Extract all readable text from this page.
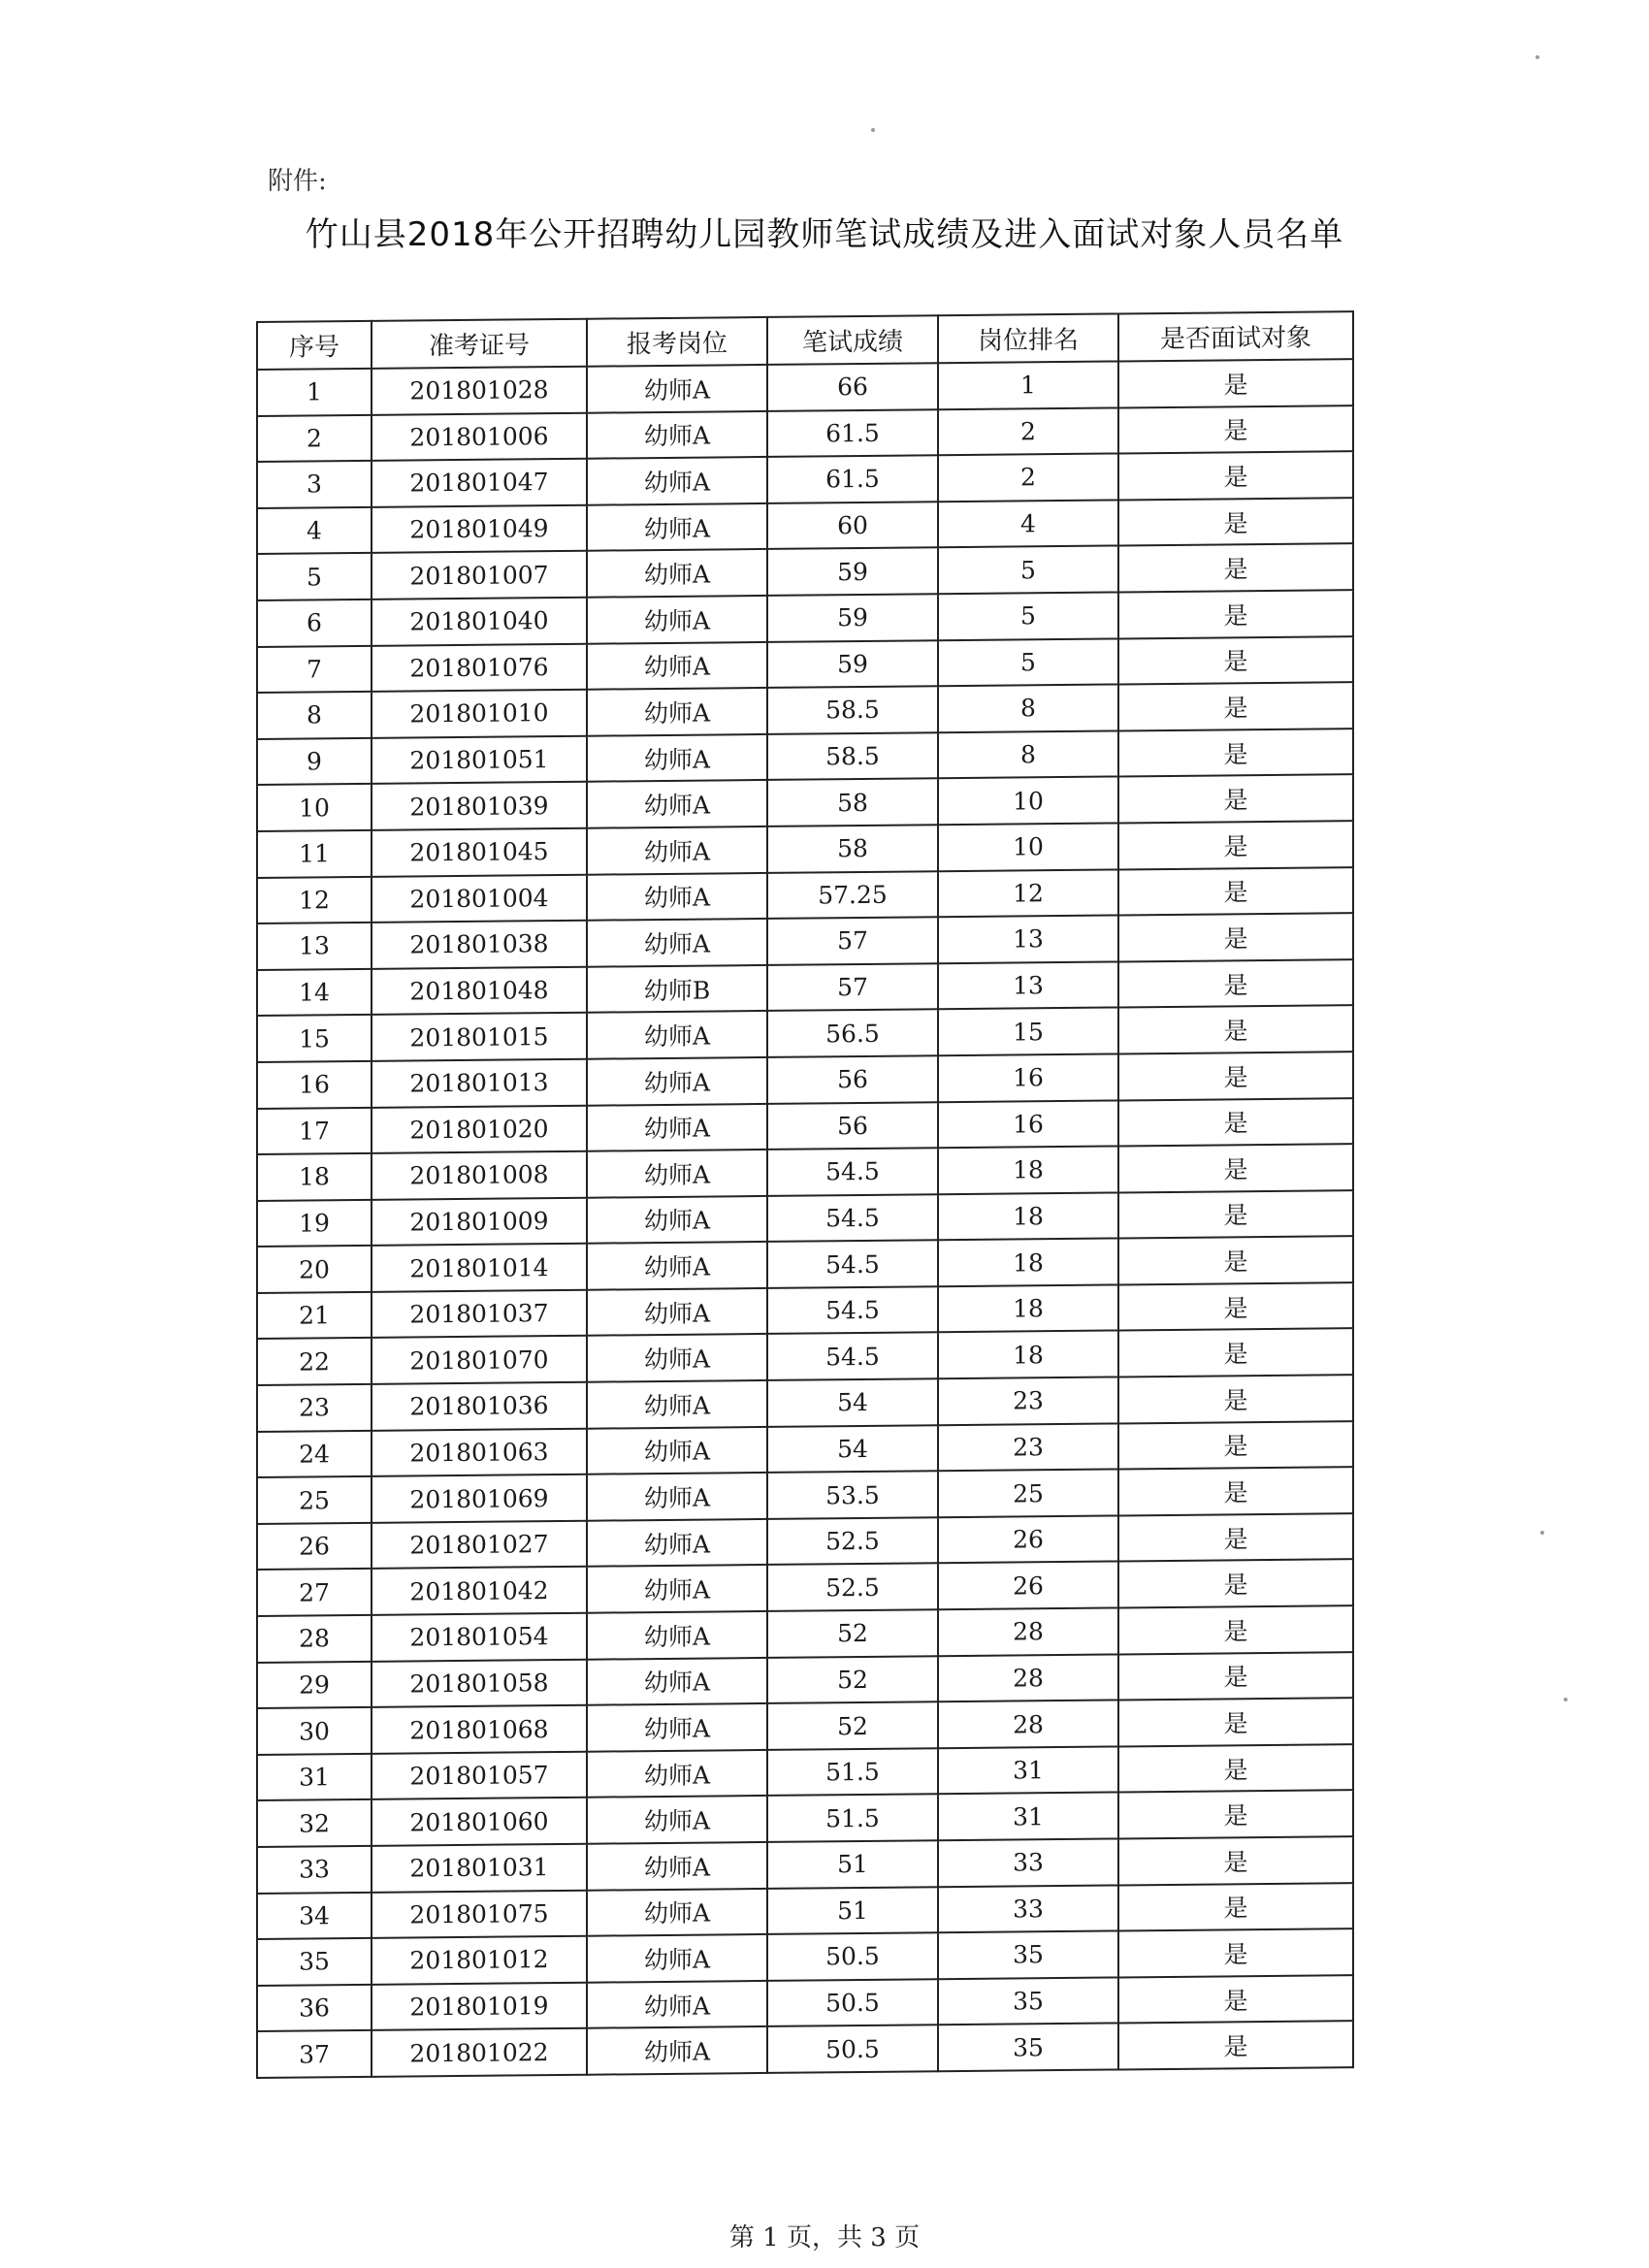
附件:
竹山县2018年公开招聘幼儿园教师笔试成绩及进入面试对象人员名单
序号	准考证号	报考岗位	笔试成绩	岗位排名	是否面试对象
1	201801028	幼师A	66	1	是
2	201801006	幼师A	61.5	2	是
3	201801047	幼师A	61.5	2	是
4	201801049	幼师A	60	4	是
5	201801007	幼师A	59	5	是
6	201801040	幼师A	59	5	是
7	201801076	幼师A	59	5	是
8	201801010	幼师A	58.5	8	是
9	201801051	幼师A	58.5	8	是
10	201801039	幼师A	58	10	是
11	201801045	幼师A	58	10	是
12	201801004	幼师A	57.25	12	是
13	201801038	幼师A	57	13	是
14	201801048	幼师B	57	13	是
15	201801015	幼师A	56.5	15	是
16	201801013	幼师A	56	16	是
17	201801020	幼师A	56	16	是
18	201801008	幼师A	54.5	18	是
19	201801009	幼师A	54.5	18	是
20	201801014	幼师A	54.5	18	是
21	201801037	幼师A	54.5	18	是
22	201801070	幼师A	54.5	18	是
23	201801036	幼师A	54	23	是
24	201801063	幼师A	54	23	是
25	201801069	幼师A	53.5	25	是
26	201801027	幼师A	52.5	26	是
27	201801042	幼师A	52.5	26	是
28	201801054	幼师A	52	28	是
29	201801058	幼师A	52	28	是
30	201801068	幼师A	52	28	是
31	201801057	幼师A	51.5	31	是
32	201801060	幼师A	51.5	31	是
33	201801031	幼师A	51	33	是
34	201801075	幼师A	51	33	是
35	201801012	幼师A	50.5	35	是
36	201801019	幼师A	50.5	35	是
37	201801022	幼师A	50.5	35	是
第 1 页，共 3 页
